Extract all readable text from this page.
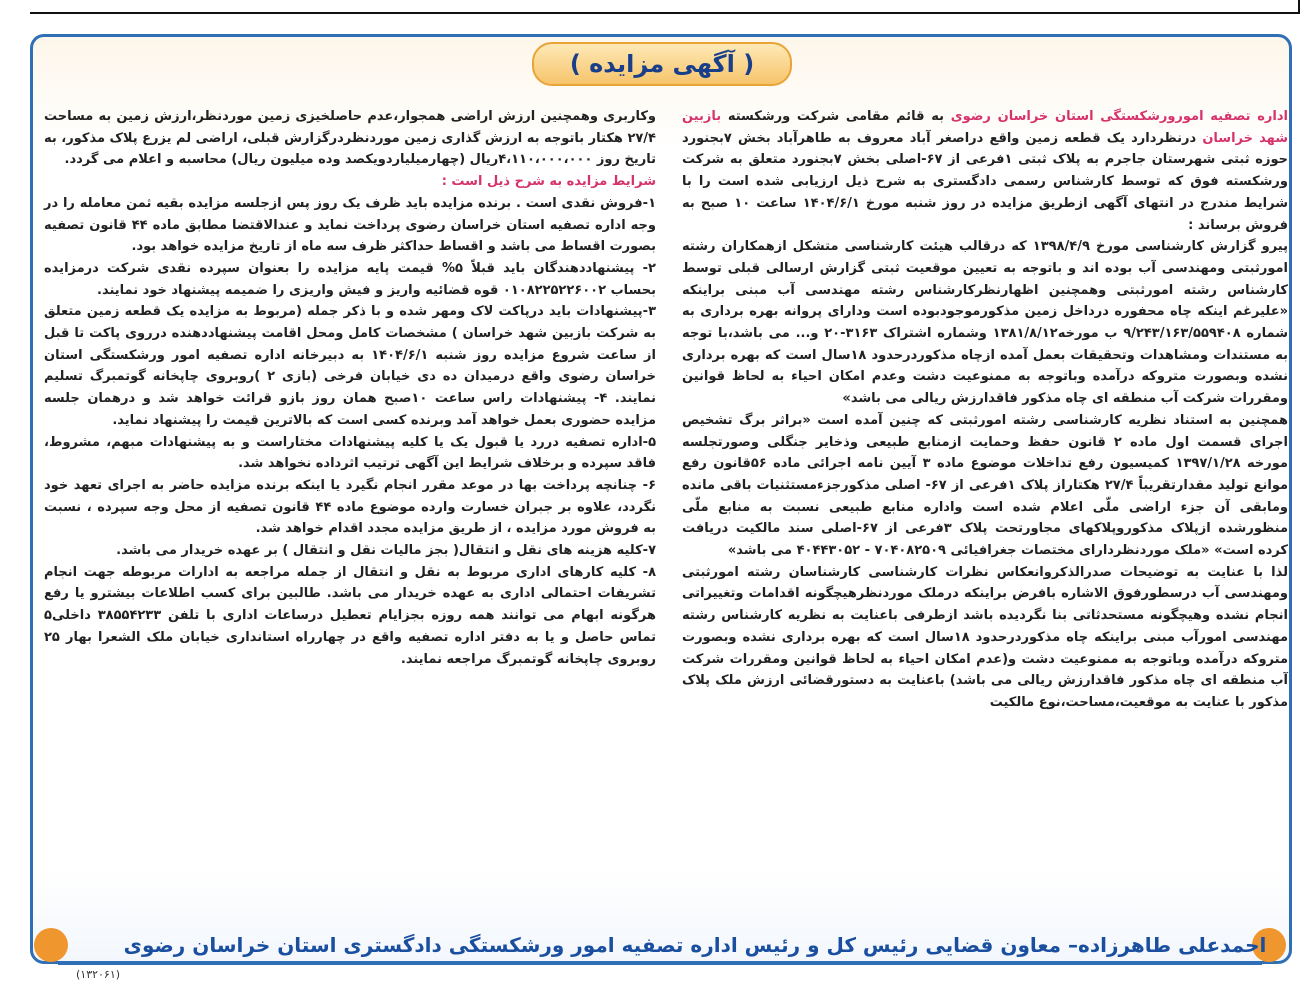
( آگهی مزایده )

اداره تصفیه امورورشکستگی استان خراسان رضوی به قائم مقامی شرکت ورشکسته بازبین شهد خراسان درنظردارد یک قطعه زمین واقع دراصغر آباد معروف به طاهرآباد بخش ۷بجنورد حوزه ثبتی شهرستان جاجرم به پلاک ثبتی ۱فرعی از ۶۷-اصلی بخش ۷بجنورد متعلق به شرکت ورشکسته فوق که توسط کارشناس رسمی دادگستری به شرح ذیل ارزیابی شده است را با شرایط مندرج در انتهای آگهی ازطریق مزایده در روز شنبه مورخ ۱۴۰۴/۶/۱ ساعت ۱۰ صبح به فروش برساند :

پیرو گزارش کارشناسی مورخ ۱۳۹۸/۴/۹ که درقالب هیئت کارشناسی متشکل ازهمکاران رشته امورثبتی ومهندسی آب بوده اند و باتوجه به تعیین موقعیت ثبتی گزارش ارسالی قبلی توسط کارشناس رشته امورثبتی وهمچنین اظهارنظرکارشناس رشته مهندسی آب مبنی براینکه «علیرغم اینکه چاه محفوره درداخل زمین مذکورموجودبوده است ودارای پروانه بهره برداری به شماره ۹/۲۴۳/۱۶۳/۵۵۹۴۰۸ ب مورخه۱۳۸۱/۸/۱۲ وشماره اشتراک ۳۱۶۳-۲۰ و... می باشد،با توجه به مستندات ومشاهدات وتحقیقات بعمل آمده ازچاه مذکوردرحدود ۱۸سال است که بهره برداری نشده وبصورت متروکه درآمده وباتوجه به ممنوعیت دشت وعدم امکان احیاء به لحاظ قوانین ومقررات شرکت آب منطقه ای چاه مذکور فاقدارزش ریالی می باشد»

همچنین به استناد نظریه کارشناسی رشته امورثبتی که چنین آمده است «براثر برگ تشخیص اجرای قسمت اول ماده ۲ قانون حفظ وحمایت ازمنابع طبیعی وذخایر جنگلی وصورتجلسه مورخه ۱۳۹۷/۱/۲۸ کمیسیون رفع تداخلات موضوع ماده ۳ آیین نامه اجرائی ماده ۵۶قانون رفع موانع تولید مقدارتقریباً ۲۷/۴ هکتاراز پلاک ۱فرعی از ۶۷- اصلی مذکورجزءمستثنیات باقی مانده ومابقی آن جزء اراضی ملّی اعلام شده است واداره منابع طبیعی نسبت به منابع ملّی منظورشده ازپلاک مذکوروپلاکهای مجاورتحت پلاک ۳فرعی از ۶۷-اصلی سند مالکیت دریافت کرده است» «ملک موردنظردارای مختصات جغرافیائی ۷۰۴۰۸۲۵۰۹ - ۴۰۴۴۳۰۵۲ می باشد»

لذا با عنایت به توضیحات صدرالذکروانعکاس نظرات کارشناسی کارشناسان رشته امورثبتی ومهندسی آب درسطورفوق الاشاره بافرض براینکه درملک موردنظرهیچگونه اقدامات وتغییراتی انجام نشده وهیچگونه مستحدثاتی بنا نگردیده باشد ازطرفی باعنایت به نظریه کارشناس رشته مهندسی امورآب مبنی براینکه چاه مذکوردرحدود ۱۸سال است که بهره برداری نشده وبصورت متروکه درآمده وباتوجه به ممنوعیت دشت و(عدم امکان احیاء به لحاظ قوانین ومقررات شرکت آب منطقه ای چاه مذکور فاقدارزش ریالی می باشد) باعنایت به دستورقضائی ارزش ملک پلاک مذکور با عنایت به موقعیت،مساحت،نوع مالکیت

وکاربری وهمچنین ارزش اراضی همجوار،عدم حاصلخیزی زمین موردنظر،ارزش زمین به مساحت ۲۷/۴ هکتار باتوجه به ارزش گذاری زمین موردنظردرگزارش قبلی، اراضی لم یزرع پلاک مذکور، به تاریخ روز ۴،۱۱۰،۰۰۰،۰۰۰ریال (چهارمیلیاردویکصد وده میلیون ریال) محاسبه و اعلام می گردد.

شرایط مزایده به شرح ذیل است :

۱-فروش نقدی است . برنده مزایده باید ظرف یک روز پس ازجلسه مزایده بقیه ثمن معامله را در وجه اداره تصفیه استان خراسان رضوی پرداخت نماید و عندالاقتضا مطابق ماده ۴۴ قانون تصفیه بصورت اقساط می باشد و اقساط حداکثر ظرف سه ماه از تاریخ مزایده خواهد بود.

۲- پیشنهاددهندگان باید قبلاً ۵% قیمت پایه مزایده را بعنوان سپرده نقدی شرکت درمزایده بحساب ۰۱۰۸۲۲۵۲۲۶۰۰۲ قوه قضائیه واریز و فیش واریزی را ضمیمه پیشنهاد خود نمایند.

۳-پیشنهادات باید درپاکت لاک ومهر شده و با ذکر جمله (مربوط به مزایده یک قطعه زمین متعلق به شرکت بازبین شهد خراسان ) مشخصات کامل ومحل اقامت پیشنهاددهنده درروی پاکت تا قبل از ساعت شروع مزایده روز شنبه ۱۴۰۴/۶/۱ به دبیرخانه اداره تصفیه امور ورشکستگی استان خراسان رضوی واقع درمیدان ده دی خیابان فرخی (بازی ۲ )روبروی چاپخانه گوتمبرگ تسلیم نمایند. ۴- پیشنهادات راس ساعت ۱۰صبح همان روز بازو قرائت خواهد شد و درهمان جلسه مزایده حضوری بعمل خواهد آمد وبرنده کسی است که بالاترین قیمت را پیشنهاد نماید.

۵-اداره تصفیه دررد یا قبول یک یا کلیه پیشنهادات مختاراست و به پیشنهادات مبهم، مشروط، فاقد سپرده و برخلاف شرایط این آگهی ترتیب اثرداده نخواهد شد.

۶- چنانچه پرداخت بها در موعد مقرر انجام نگیرد یا اینکه برنده مزایده حاضر به اجرای تعهد خود نگردد، علاوه بر جبران خسارت وارده موضوع ماده ۴۴ قانون تصفیه از محل وجه سپرده ، نسبت به فروش مورد مزایده ، از طریق مزایده مجدد اقدام خواهد شد.

۷-کلیه هزینه های نقل و انتقال( بجز مالیات نقل و انتقال ) بر عهده خریدار می باشد.

۸- کلیه کارهای اداری مربوط به نقل و انتقال از جمله مراجعه به ادارات مربوطه جهت انجام تشریفات احتمالی اداری به عهده خریدار می باشد. طالبین برای کسب اطلاعات بیشترو یا رفع هرگونه ابهام می توانند همه روزه بجزایام تعطیل درساعات اداری با تلفن ۳۸۵۵۴۲۳۳ داخلی۵ تماس حاصل و یا به دفتر اداره تصفیه واقع در چهارراه استانداری خیابان ملک الشعرا بهار ۲۵ روبروی چاپخانه گوتمبرگ مراجعه نمایند.

احمدعلی طاهرزاده– معاون قضایی رئیس کل و رئیس اداره تصفیه امور ورشکستگی دادگستری استان خراسان رضوی
(۱۳۲۰۶۱)
